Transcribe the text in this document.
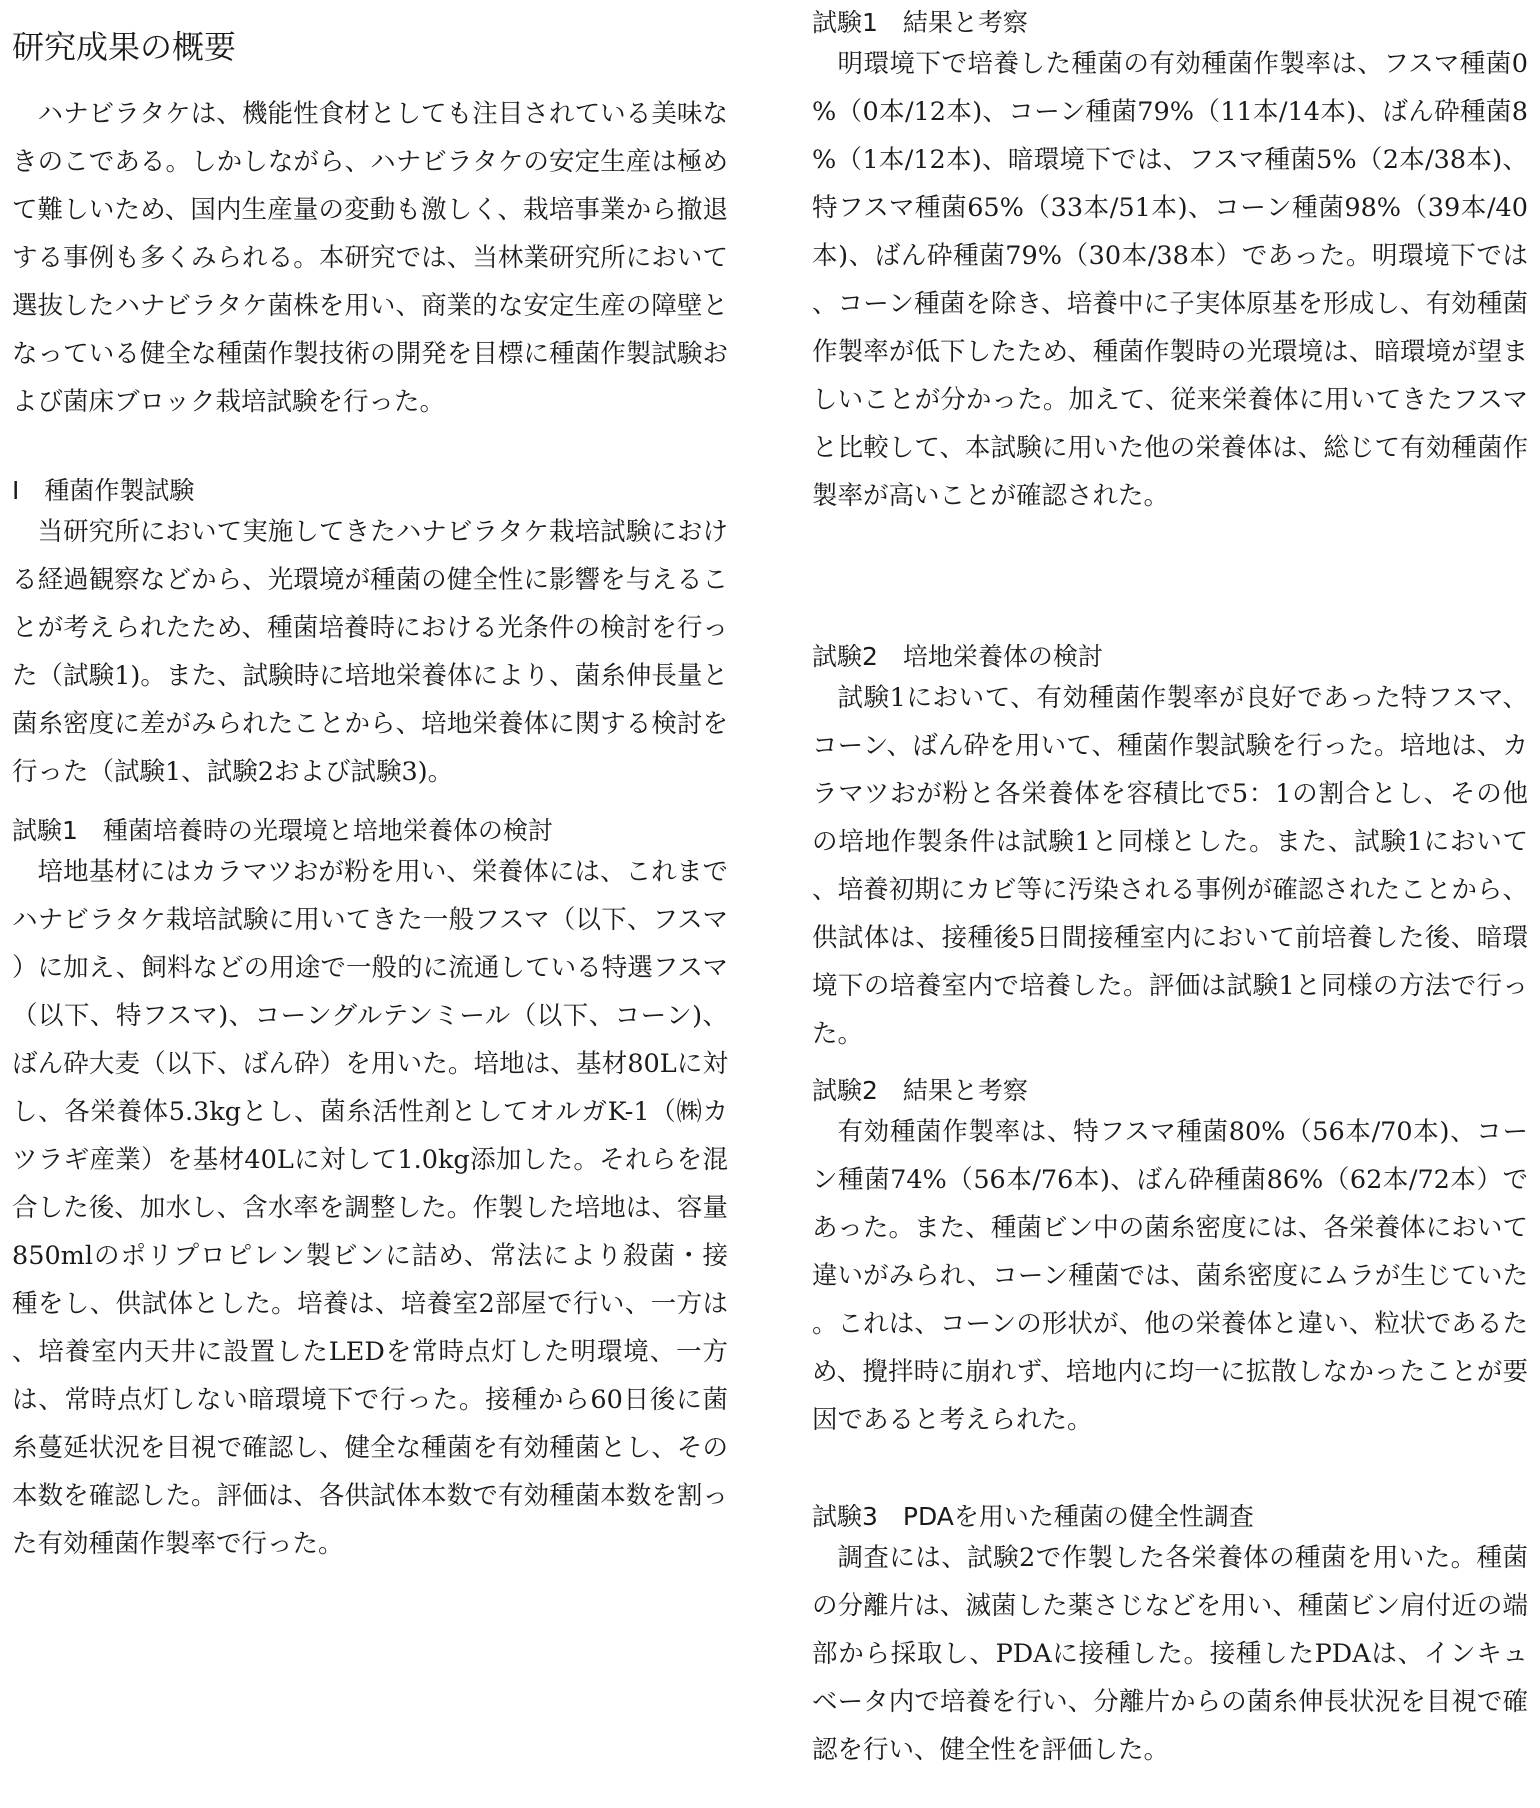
研究成果の概要

ハナビラタケは、機能性食材としても注目されている美味なきのこである。しかしながら、ハナビラタケの安定生産は極めて難しいため、国内生産量の変動も激しく、栽培事業から撤退する事例も多くみられる。本研究では、当林業研究所において選抜したハナビラタケ菌株を用い、商業的な安定生産の障壁となっている健全な種菌作製技術の開発を目標に種菌作製試験および菌床ブロック栽培試験を行った。

Ⅰ　種菌作製試験

当研究所において実施してきたハナビラタケ栽培試験における経過観察などから、光環境が種菌の健全性に影響を与えることが考えられたため、種菌培養時における光条件の検討を行った（試験1)。また、試験時に培地栄養体により、菌糸伸長量と菌糸密度に差がみられたことから、培地栄養体に関する検討を行った（試験1、試験2および試験3)。

試験1　種菌培養時の光環境と培地栄養体の検討

培地基材にはカラマツおが粉を用い、栄養体には、これまでハナビラタケ栽培試験に用いてきた一般フスマ（以下、フスマ）に加え、飼料などの用途で一般的に流通している特選フスマ（以下、特フスマ)、コーングルテンミール（以下、コーン)、ばん砕大麦（以下、ばん砕）を用いた。培地は、基材80Lに対し、各栄養体5.3kgとし、菌糸活性剤としてオルガK-1（㈱カツラギ産業）を基材40Lに対して1.0kg添加した。それらを混合した後、加水し、含水率を調整した。作製した培地は、容量850mlのポリプロピレン製ビンに詰め、常法により殺菌・接種をし、供試体とした。培養は、培養室2部屋で行い、一方は、培養室内天井に設置したLEDを常時点灯した明環境、一方は、常時点灯しない暗環境下で行った。接種から60日後に菌糸蔓延状況を目視で確認し、健全な種菌を有効種菌とし、その本数を確認した。評価は、各供試体本数で有効種菌本数を割った有効種菌作製率で行った。

試験1　結果と考察

明環境下で培養した種菌の有効種菌作製率は、フスマ種菌0%（0本/12本)、コーン種菌79%（11本/14本)、ばん砕種菌8%（1本/12本)、暗環境下では、フスマ種菌5%（2本/38本)、特フスマ種菌65%（33本/51本)、コーン種菌98%（39本/40本)、ばん砕種菌79%（30本/38本）であった。明環境下では、コーン種菌を除き、培養中に子実体原基を形成し、有効種菌作製率が低下したため、種菌作製時の光環境は、暗環境が望ましいことが分かった。加えて、従来栄養体に用いてきたフスマと比較して、本試験に用いた他の栄養体は、総じて有効種菌作製率が高いことが確認された。

試験2　培地栄養体の検討

試験1において、有効種菌作製率が良好であった特フスマ、コーン、ばん砕を用いて、種菌作製試験を行った。培地は、カラマツおが粉と各栄養体を容積比で5：1の割合とし、その他の培地作製条件は試験1と同様とした。また、試験1において、培養初期にカビ等に汚染される事例が確認されたことから、供試体は、接種後5日間接種室内において前培養した後、暗環境下の培養室内で培養した。評価は試験1と同様の方法で行った。

試験2　結果と考察

有効種菌作製率は、特フスマ種菌80%（56本/70本)、コーン種菌74%（56本/76本)、ばん砕種菌86%（62本/72本）であった。また、種菌ビン中の菌糸密度には、各栄養体において違いがみられ、コーン種菌では、菌糸密度にムラが生じていた。これは、コーンの形状が、他の栄養体と違い、粒状であるため、攪拌時に崩れず、培地内に均一に拡散しなかったことが要因であると考えられた。

試験3　PDAを用いた種菌の健全性調査

調査には、試験2で作製した各栄養体の種菌を用いた。種菌の分離片は、滅菌した薬さじなどを用い、種菌ビン肩付近の端部から採取し、PDAに接種した。接種したPDAは、インキュベータ内で培養を行い、分離片からの菌糸伸長状況を目視で確認を行い、健全性を評価した。
